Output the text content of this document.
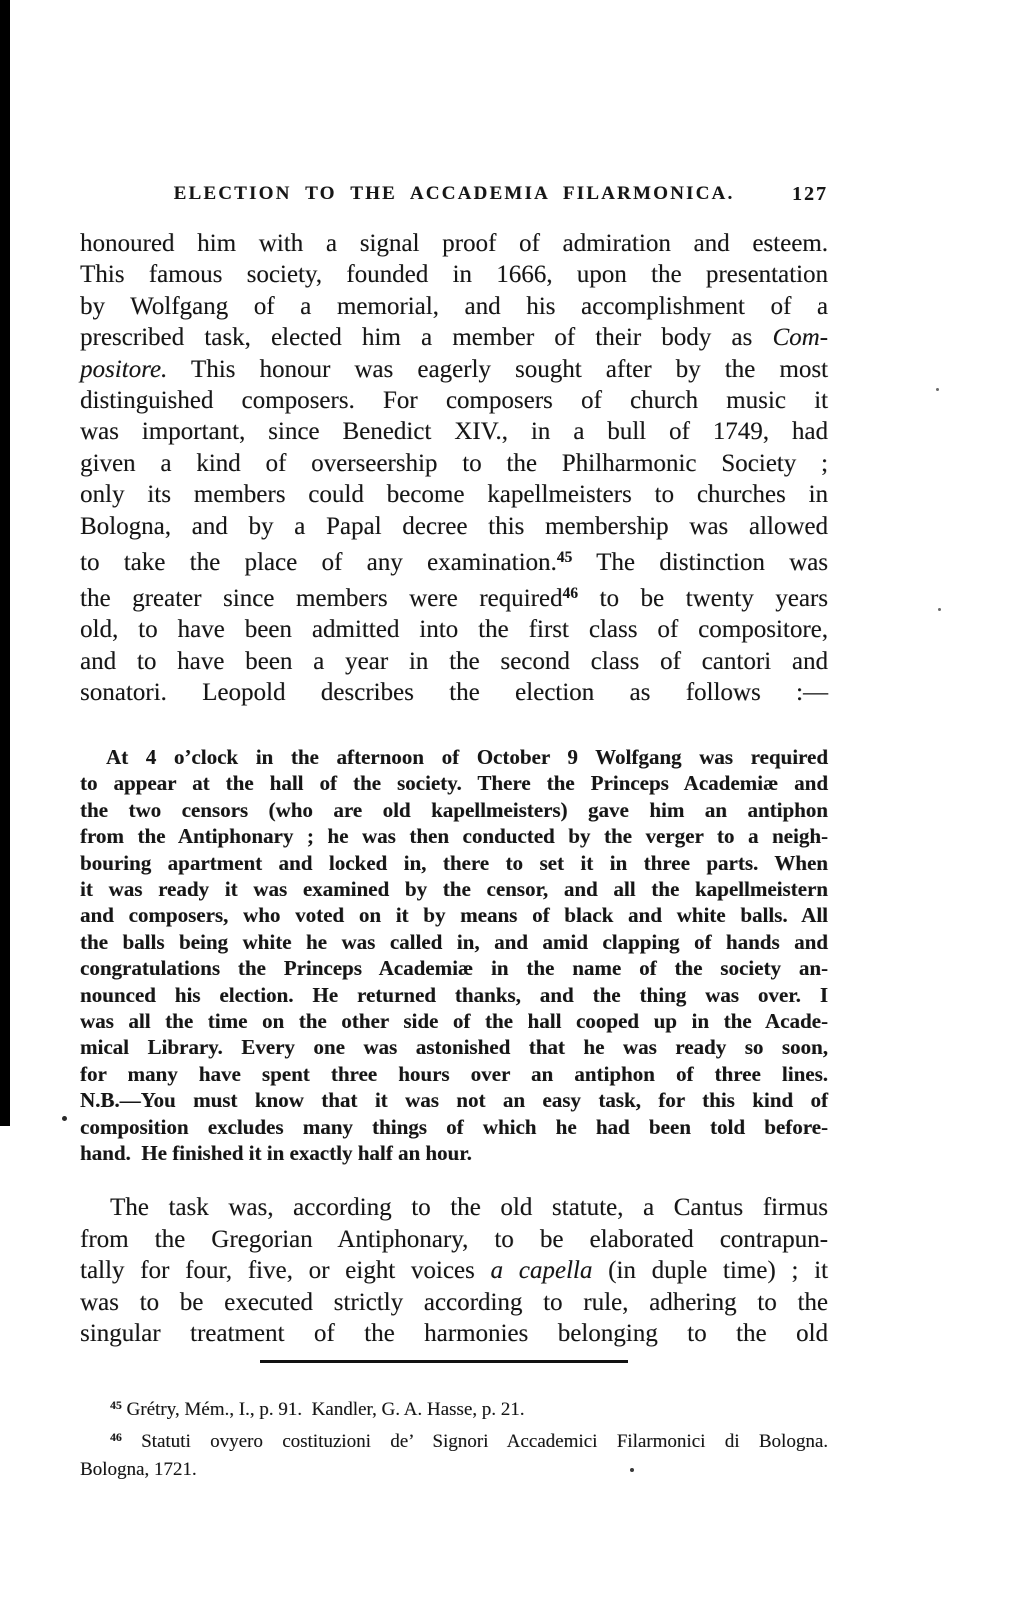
ELECTION TO THE ACCADEMIA FILARMONICA.	127
honoured him with a signal proof of admiration and esteem.
This famous society, founded in 1666, upon the presentation
by Wolfgang of a memorial, and his accomplishment of a
prescribed task, elected him a member of their body as Com-
positore. This honour was eagerly sought after by the most
distinguished composers. For composers of church music it
was important, since Benedict XIV., in a bull of 1749, had
given a kind of overseership to the Philharmonic Society ;
only its members could become kapellmeisters to churches in
Bologna, and by a Papal decree this membership was allowed
to take the place of any examination.$^{45}$ The distinction was
the greater since members were required$^{46}$ to be twenty years
old, to have been admitted into the first class of compositore,
and to have been a year in the second class of cantori and
sonatori. Leopold describes the election as follows :—
At 4 o’clock in the afternoon of October 9 Wolfgang was required
to appear at the hall of the society. There the Princeps Academiæ and
the two censors (who are old kapellmeisters) gave him an antiphon
from the Antiphonary ; he was then conducted by the verger to a neigh-
bouring apartment and locked in, there to set it in three parts. When
it was ready it was examined by the censor, and all the kapellmeistern
and composers, who voted on it by means of black and white balls. All
the balls being white he was called in, and amid clapping of hands and
congratulations the Princeps Academiæ in the name of the society an-
nounced his election. He returned thanks, and the thing was over. I
was all the time on the other side of the hall cooped up in the Acade-
mical Library. Every one was astonished that he was ready so soon,
for many have spent three hours over an antiphon of three lines.
N.B.—You must know that it was not an easy task, for this kind of
composition excludes many things of which he had been told before-
hand. He finished it in exactly half an hour.
The task was, according to the old statute, a Cantus firmus
from the Gregorian Antiphonary, to be elaborated contrapun-
tally for four, five, or eight voices a capella (in duple time) ; it
was to be executed strictly according to rule, adhering to the
singular treatment of the harmonies belonging to the old
$^{45}$ Grétry, Mém., I., p. 91. Kandler, G. A. Hasse, p. 21.
$^{46}$ Statuti ovyero costituzioni de’ Signori Accademici Filarmonici di Bologna.
Bologna, 1721.
